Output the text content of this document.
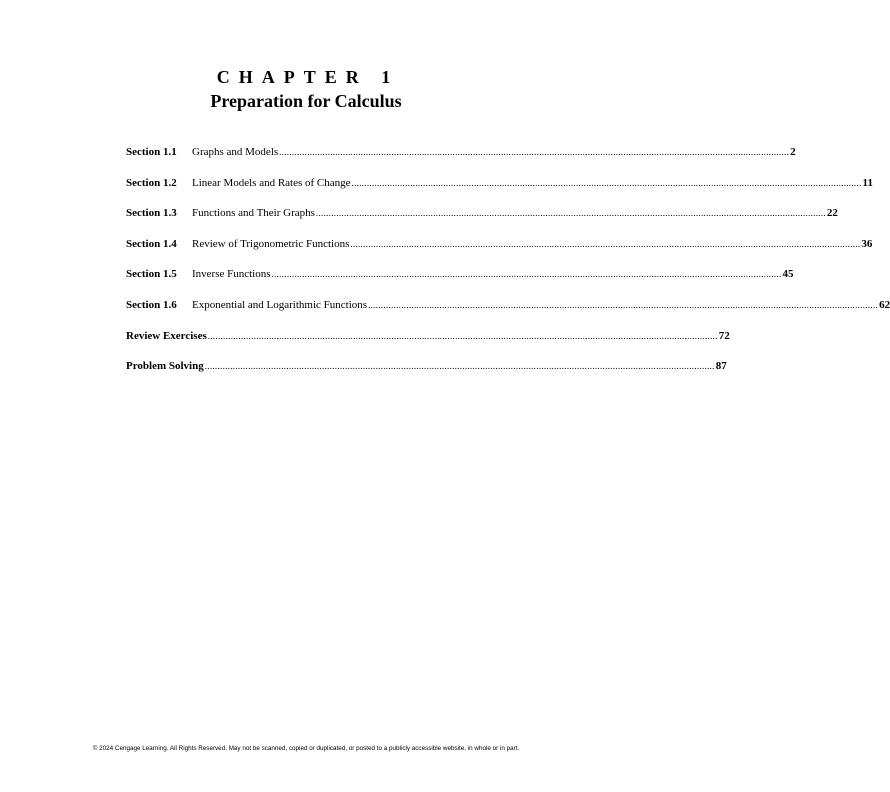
CHAPTER 1
Preparation for Calculus
Section 1.1	Graphs and Models ........................................................................................................................................................................................................ 2
Section 1.2	Linear Models and Rates of Change ........................................................................................................................................................................................................ 11
Section 1.3	Functions and Their Graphs ........................................................................................................................................................................................................ 22
Section 1.4	Review of Trigonometric Functions ........................................................................................................................................................................................................ 36
Section 1.5	Inverse Functions ........................................................................................................................................................................................................ 45
Section 1.6	Exponential and Logarithmic Functions ........................................................................................................................................................................................................ 62
Review Exercises ........................................................................................................................................................................................................ 72
Problem Solving ........................................................................................................................................................................................................ 87
© 2024 Cengage Learning. All Rights Reserved. May not be scanned, copied or duplicated, or posted to a publicly accessible website, in whole or in part.
